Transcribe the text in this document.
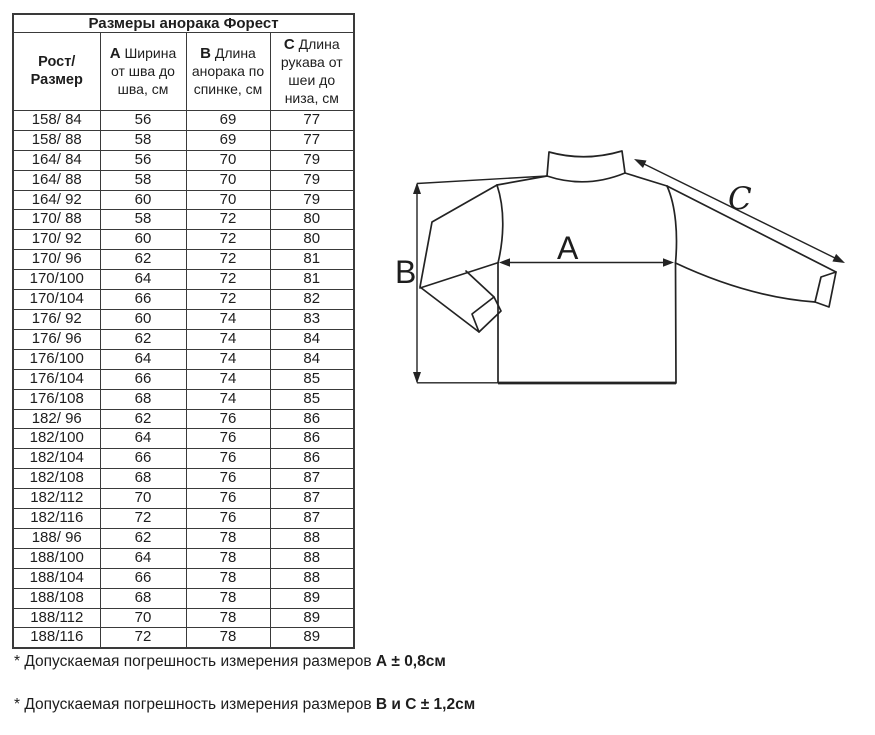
Размеры анорака Форест			
Рост/Размер	А Ширина от шва до шва, см	В Длина анорака по спинке, см	С Длина рукава от шеи до низа, см
158/ 84	56	69	77
158/ 88	58	69	77
164/ 84	56	70	79
164/ 88	58	70	79
164/ 92	60	70	79
170/ 88	58	72	80
170/ 92	60	72	80
170/ 96	62	72	81
170/100	64	72	81
170/104	66	72	82
176/ 92	60	74	83
176/ 96	62	74	84
176/100	64	74	84
176/104	66	74	85
176/108	68	74	85
182/ 96	62	76	86
182/100	64	76	86
182/104	66	76	86
182/108	68	76	87
182/112	70	76	87
182/116	72	76	87
188/ 96	62	78	88
188/100	64	78	88
188/104	66	78	88
188/108	68	78	89
188/112	70	78	89
188/116	72	78	89
B
A
C
* Допускаемая погрешность измерения размеров А ± 0,8см
* Допускаемая погрешность измерения размеров В и С ± 1,2см
